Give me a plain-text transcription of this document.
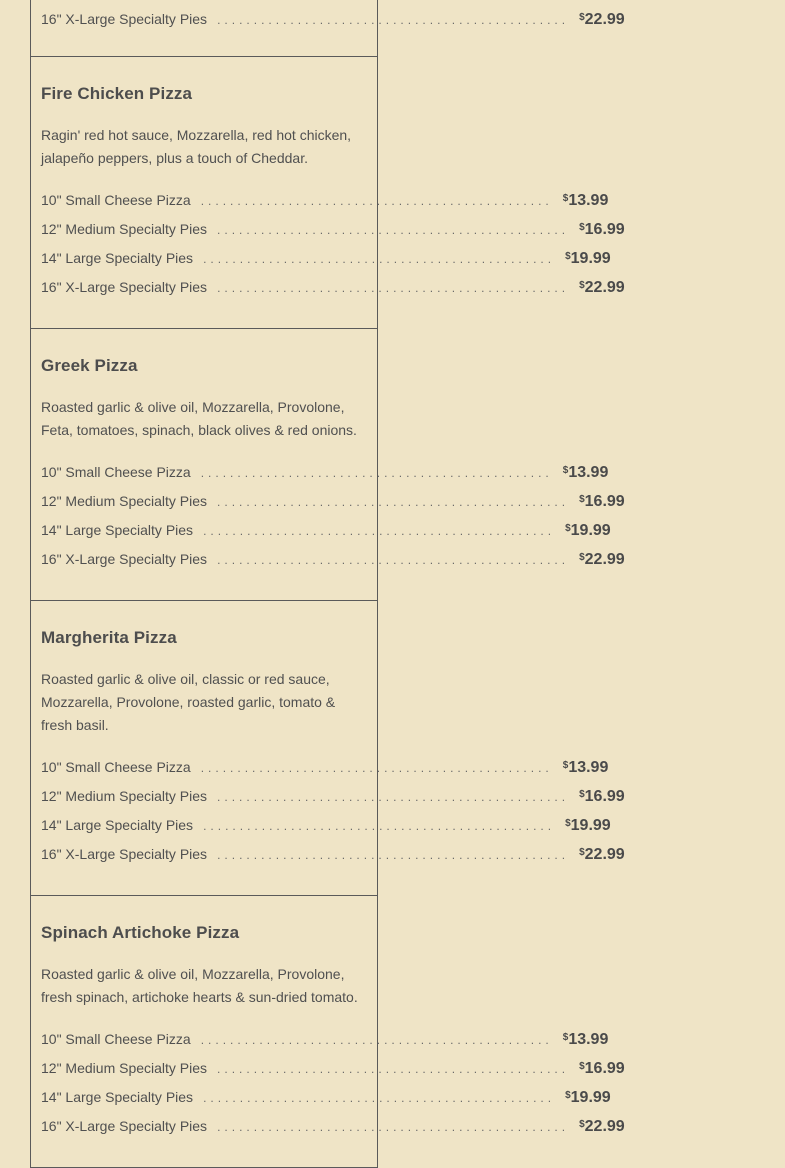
16" X-Large Specialty Pies ................................................ $22.99
Fire Chicken Pizza
Ragin' red hot sauce, Mozzarella, red hot chicken, jalapeño peppers, plus a touch of Cheddar.
10" Small Cheese Pizza ................................................ $13.99
12" Medium Specialty Pies ................................................ $16.99
14" Large Specialty Pies ................................................ $19.99
16" X-Large Specialty Pies ................................................ $22.99
Greek Pizza
Roasted garlic & olive oil, Mozzarella, Provolone, Feta, tomatoes, spinach, black olives & red onions.
10" Small Cheese Pizza ................................................ $13.99
12" Medium Specialty Pies ................................................ $16.99
14" Large Specialty Pies ................................................ $19.99
16" X-Large Specialty Pies ................................................ $22.99
Margherita Pizza
Roasted garlic & olive oil, classic or red sauce, Mozzarella, Provolone, roasted garlic, tomato & fresh basil.
10" Small Cheese Pizza ................................................ $13.99
12" Medium Specialty Pies ................................................ $16.99
14" Large Specialty Pies ................................................ $19.99
16" X-Large Specialty Pies ................................................ $22.99
Spinach Artichoke Pizza
Roasted garlic & olive oil, Mozzarella, Provolone, fresh spinach, artichoke hearts & sun-dried tomato.
10" Small Cheese Pizza ................................................ $13.99
12" Medium Specialty Pies ................................................ $16.99
14" Large Specialty Pies ................................................ $19.99
16" X-Large Specialty Pies ................................................ $22.99
